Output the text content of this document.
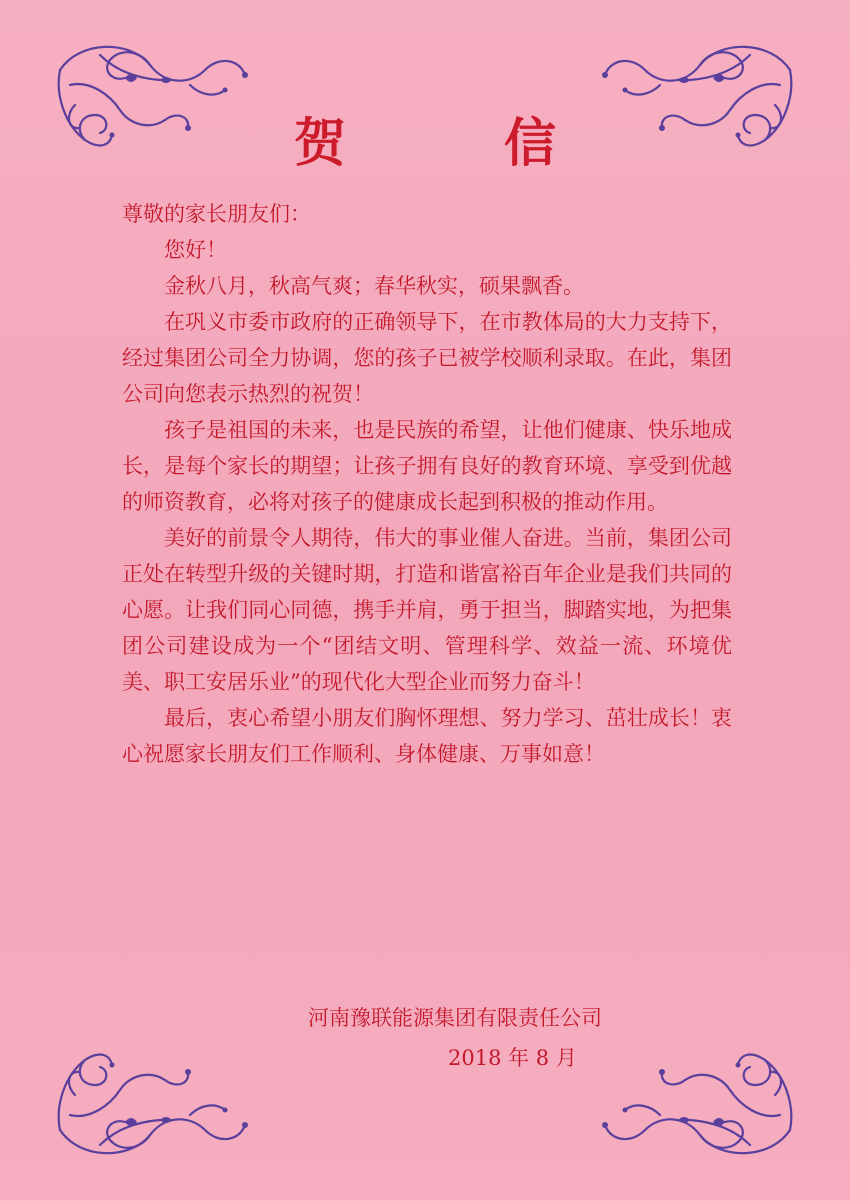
贺 信

尊敬的家长朋友们：

您好！

金秋八月，秋高气爽；春华秋实，硕果飘香。

在巩义市委市政府的正确领导下，在市教体局的大力支持下，经过集团公司全力协调，您的孩子已被学校顺利录取。在此，集团公司向您表示热烈的祝贺！

孩子是祖国的未来，也是民族的希望，让他们健康、快乐地成长，是每个家长的期望；让孩子拥有良好的教育环境、享受到优越的师资教育，必将对孩子的健康成长起到积极的推动作用。

美好的前景令人期待，伟大的事业催人奋进。当前，集团公司正处在转型升级的关键时期，打造和谐富裕百年企业是我们共同的心愿。让我们同心同德，携手并肩，勇于担当，脚踏实地，为把集团公司建设成为一个“团结文明、管理科学、效益一流、环境优美、职工安居乐业”的现代化大型企业而努力奋斗！

最后，衷心希望小朋友们胸怀理想、努力学习、茁壮成长！衷心祝愿家长朋友们工作顺利、身体健康、万事如意！

河南豫联能源集团有限责任公司
2018 年 8 月
